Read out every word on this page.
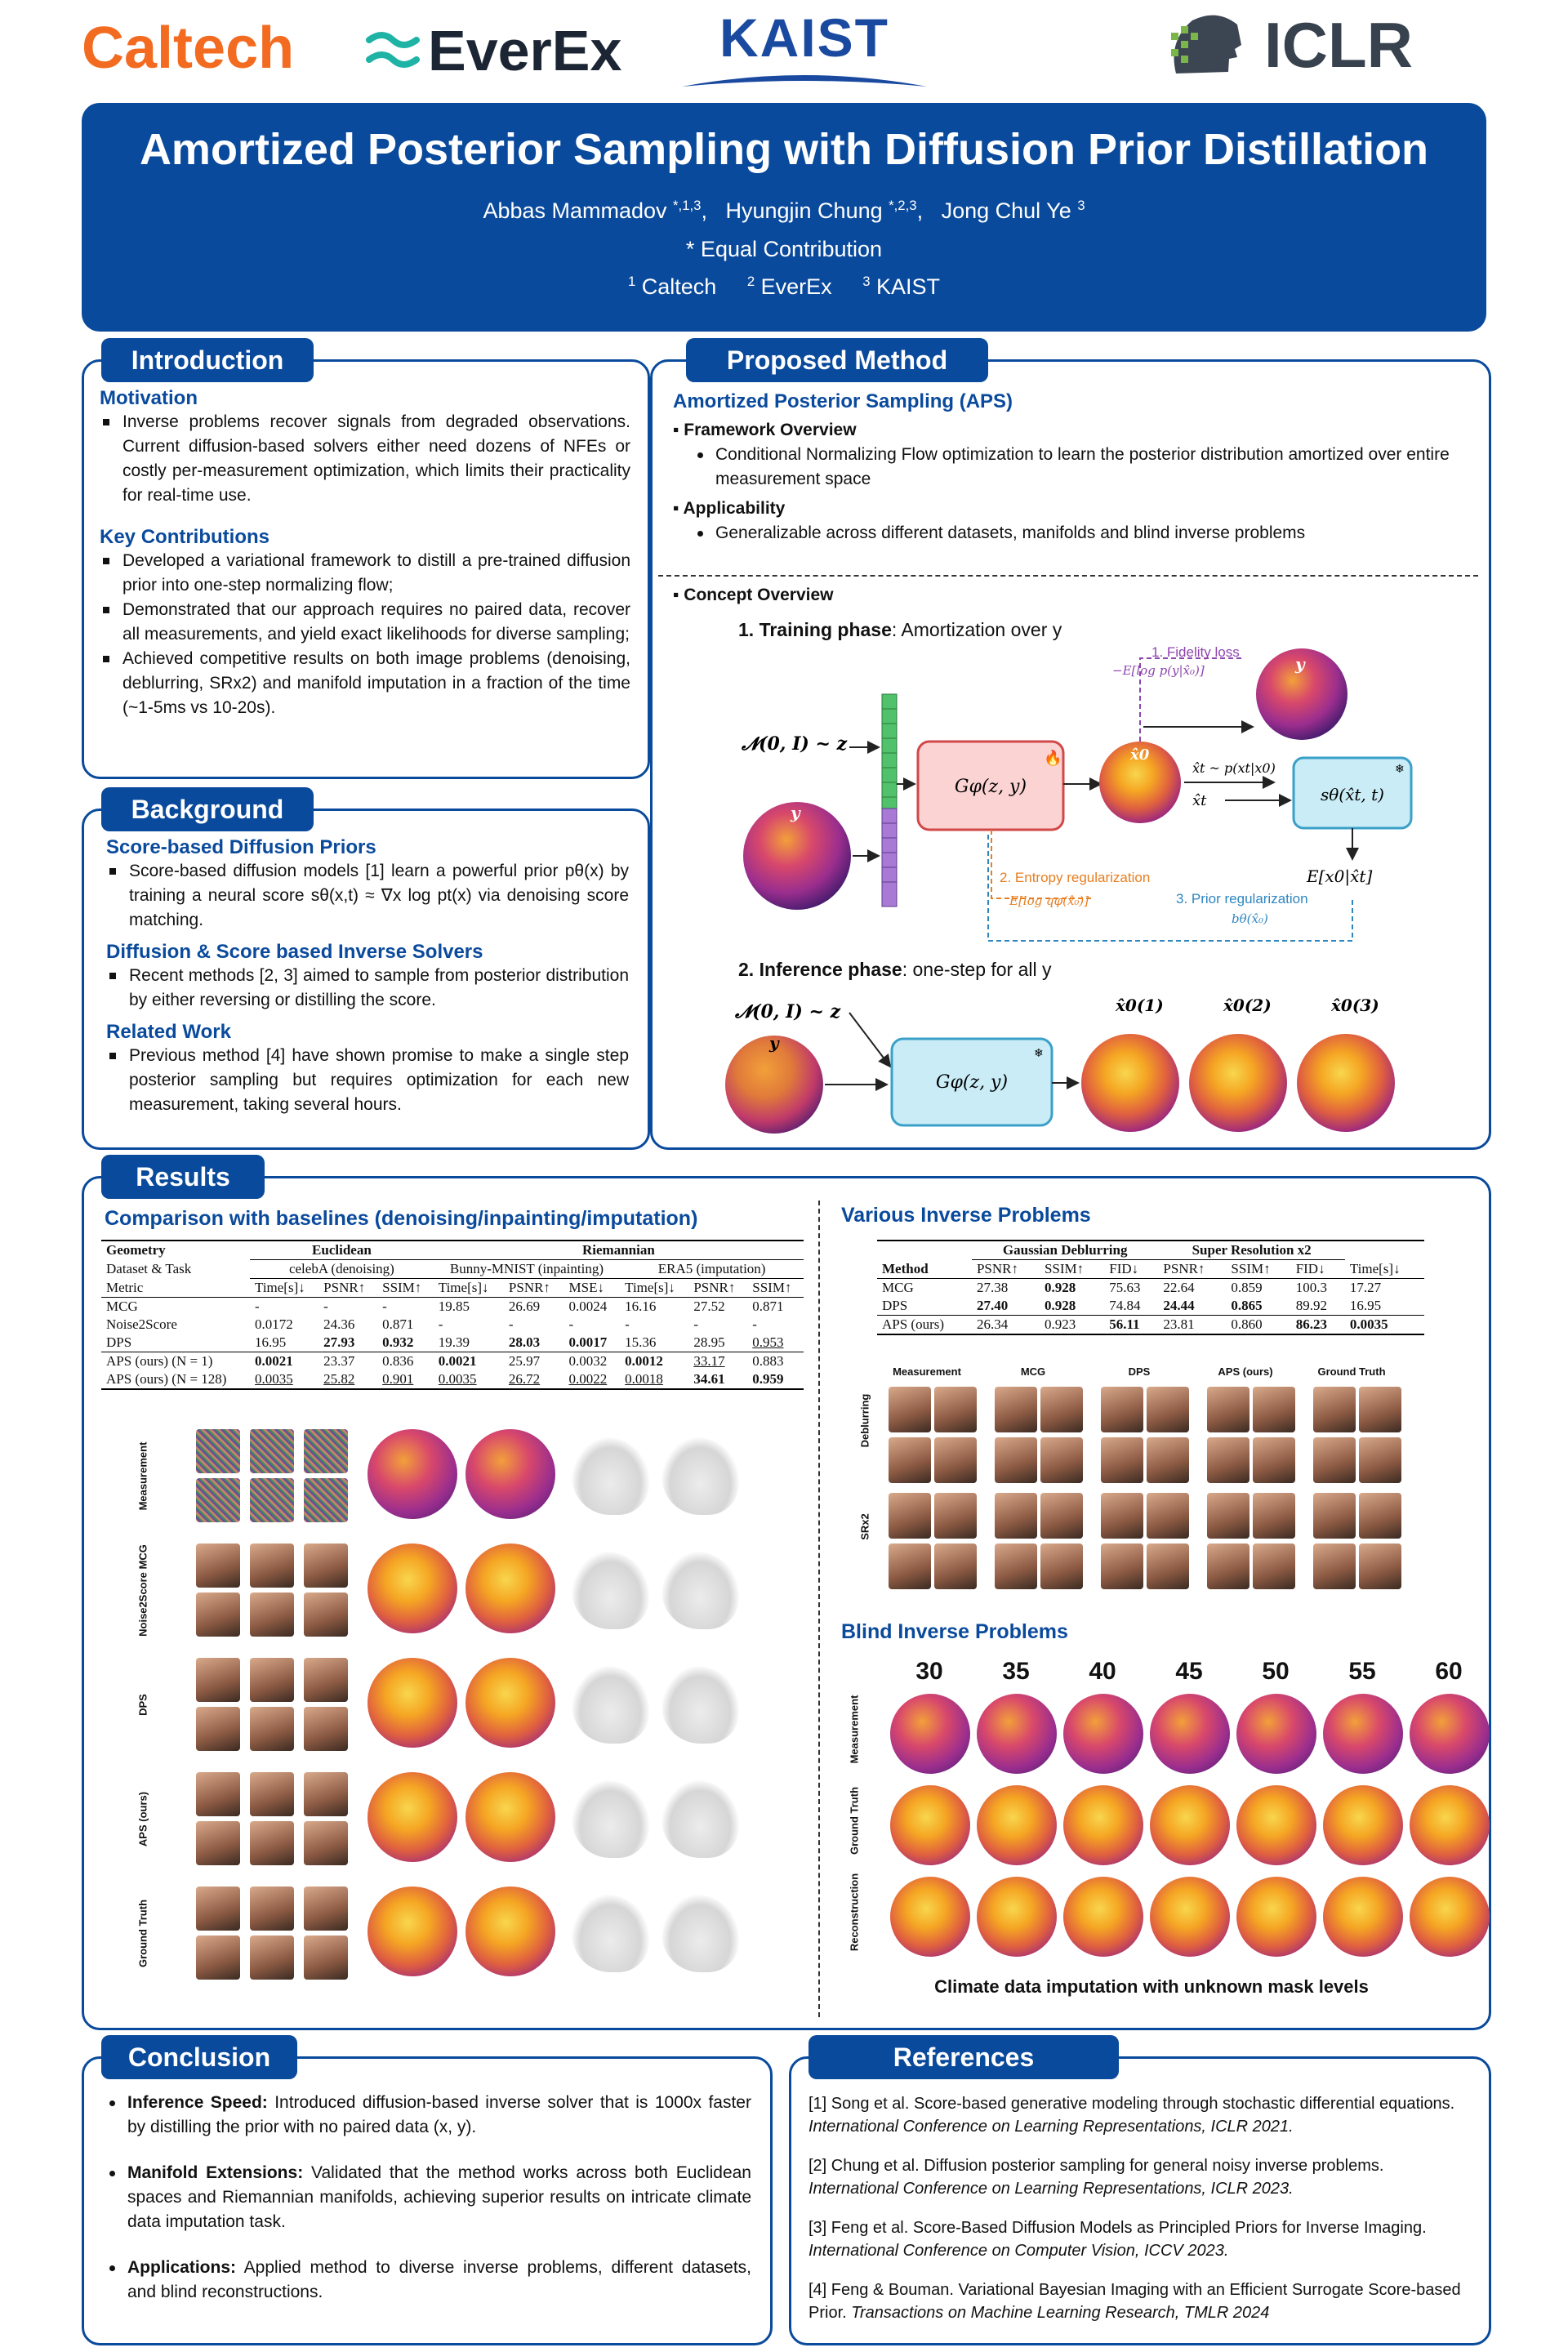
Caltech EverEx	KAIST	ICLR
Amortized Posterior Sampling with Diffusion Prior Distillation
Abbas Mammadov $^{*,1,3}$,   Hyungjin Chung $^{*,2,3}$,   Jong Chul Ye $^3$
* Equal Contribution
$^1$ Caltech $^2$ EverEx $^3$ KAIST
Introduction
Motivation
Inverse problems recover signals from degraded observations. Current diffusion-based solvers either need dozens of NFEs or costly per-measurement optimization, which limits their practicality for real-time use.
Key Contributions
Developed a variational framework to distill a pre-trained diffusion prior into one-step normalizing flow;
Demonstrated that our approach requires no paired data, recover all measurements, and yield exact likelihoods for diverse sampling;
Achieved competitive results on both image problems (denoising, deblurring, SRx2) and manifold imputation in a fraction of the time (~1-5ms vs 10-20s).
Background
Score-based Diffusion Priors
Score-based diffusion models [1] learn a powerful prior pθ(x) by training a neural score sθ(x,t) ≈ ∇x log pt(x) via denoising score matching.
Diffusion & Score based Inverse Solvers
Recent methods [2, 3] aimed to sample from posterior distribution by either reversing or distilling the score.
Related Work
Previous method [4] have shown promise to make a single step posterior sampling but requires optimization for each new measurement, taking several hours.
Proposed Method
Amortized Posterior Sampling (APS)
▪ Framework Overview
Conditional Normalizing Flow optimization to learn the posterior distribution amortized over entire measurement space
▪ Applicability
Generalizable across different datasets, manifolds and blind inverse problems
▪ Concept Overview
1. Training phase: Amortization over y
𝓝(0, I) ~ z
y
Gφ(z, y)
🔥	x̂0
x̂t ~ p(xt|x0)
x̂t	sθ(x̂t, t)
❄
E[x0|x̂t]
y
1. Fidelity loss
−E[log p(y|x̂₀)]
2. Entropy regularization
E[log qφ(x̂₀)]	3. Prior regularization
bθ(x̂₀)
2. Inference phase: one-step for all y
𝓝(0, I) ~ z
y
Gφ(z, y)
❄
x̂0(1)	x̂0(2)	x̂0(3)
Results
Comparison with baselines (denoising/inpainting/imputation)
Geometry	Euclidean			Riemannian					
Dataset & Task	celebA (denoising)			Bunny-MNIST (inpainting)			ERA5 (imputation)		
Metric	Time[s]↓	PSNR↑	SSIM↑	Time[s]↓	PSNR↑	MSE↓	Time[s]↓	PSNR↑	SSIM↑
MCG	-	-	-	19.85	26.69	0.0024	16.16	27.52	0.871
Noise2Score	0.0172	24.36	0.871	-	-	-	-	-	-
DPS	16.95	27.93	0.932	19.39	28.03	0.0017	15.36	28.95	0.953
APS (ours) (N = 1)	0.0021	23.37	0.836	0.0021	25.97	0.0032	0.0012	33.17	0.883
APS (ours) (N = 128)	0.0035	25.82	0.901	0.0035	26.72	0.0022	0.0018	34.61	0.959
Measurement
Noise2Score MCG
DPS
APS (ours)
Ground Truth
Various Inverse Problems
	Gaussian Deblurring			Super Resolution x2			
Method	PSNR↑	SSIM↑	FID↓	PSNR↑	SSIM↑	FID↓	Time[s]↓
MCG	27.38	0.928	75.63	22.64	0.859	100.3	17.27
DPS	27.40	0.928	74.84	24.44	0.865	89.92	16.95
APS (ours)	26.34	0.923	56.11	23.81	0.860	86.23	0.0035
Measurement	MCG	DPS	APS (ours)	Ground Truth
Deblurring
SRx2
Blind Inverse Problems
30	35	40	45	50	55	60
Measurement
Ground Truth
Reconstruction
Climate data imputation with unknown mask levels
Conclusion
Inference Speed: Introduced diffusion-based inverse solver that is 1000x faster by distilling the prior with no paired data (x, y).
Manifold Extensions: Validated that the method works across both Euclidean spaces and Riemannian manifolds, achieving superior results on intricate climate data imputation task.
Applications: Applied method to diverse inverse problems, different datasets, and blind reconstructions.
References
[1] Song et al. Score-based generative modeling through stochastic differential equations. International Conference on Learning Representations, ICLR 2021.
[2] Chung et al. Diffusion posterior sampling for general noisy inverse problems. International Conference on Learning Representations, ICLR 2023.
[3] Feng et al. Score-Based Diffusion Models as Principled Priors for Inverse Imaging. International Conference on Computer Vision, ICCV 2023.
[4] Feng & Bouman. Variational Bayesian Imaging with an Efficient Surrogate Score-based Prior. Transactions on Machine Learning Research, TMLR 2024
